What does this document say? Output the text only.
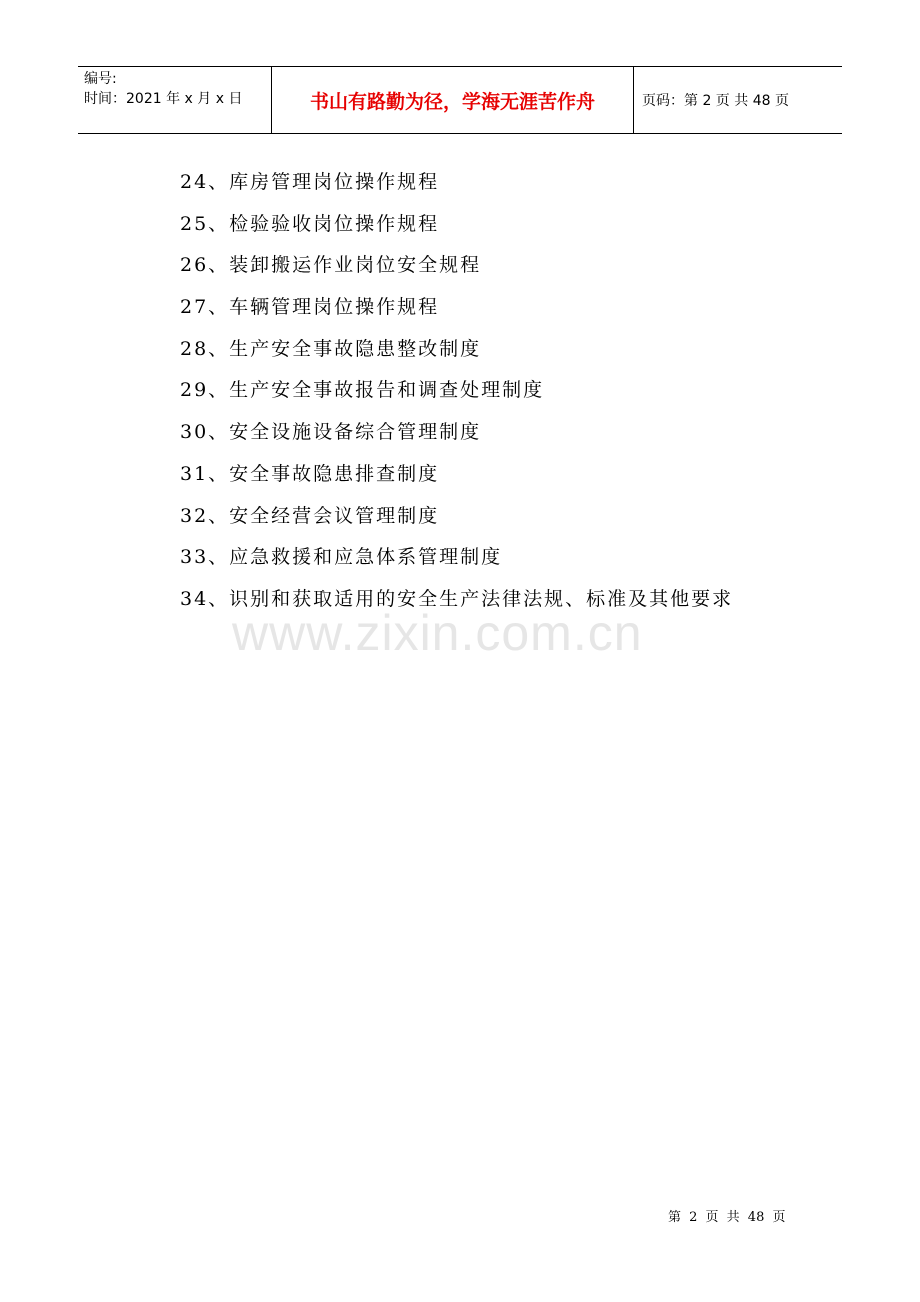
编号:
时间：2021 年 x 月 x 日	书山有路勤为径，学海无涯苦作舟	页码：第 2 页 共 48 页
24、库房管理岗位操作规程
25、检验验收岗位操作规程
26、装卸搬运作业岗位安全规程
27、车辆管理岗位操作规程
28、生产安全事故隐患整改制度
29、生产安全事故报告和调查处理制度
30、安全设施设备综合管理制度
31、安全事故隐患排查制度
32、安全经营会议管理制度
33、应急救援和应急体系管理制度
34、识别和获取适用的安全生产法律法规、标准及其他要求
www.zixin.com.cn
第 2 页 共 48 页
